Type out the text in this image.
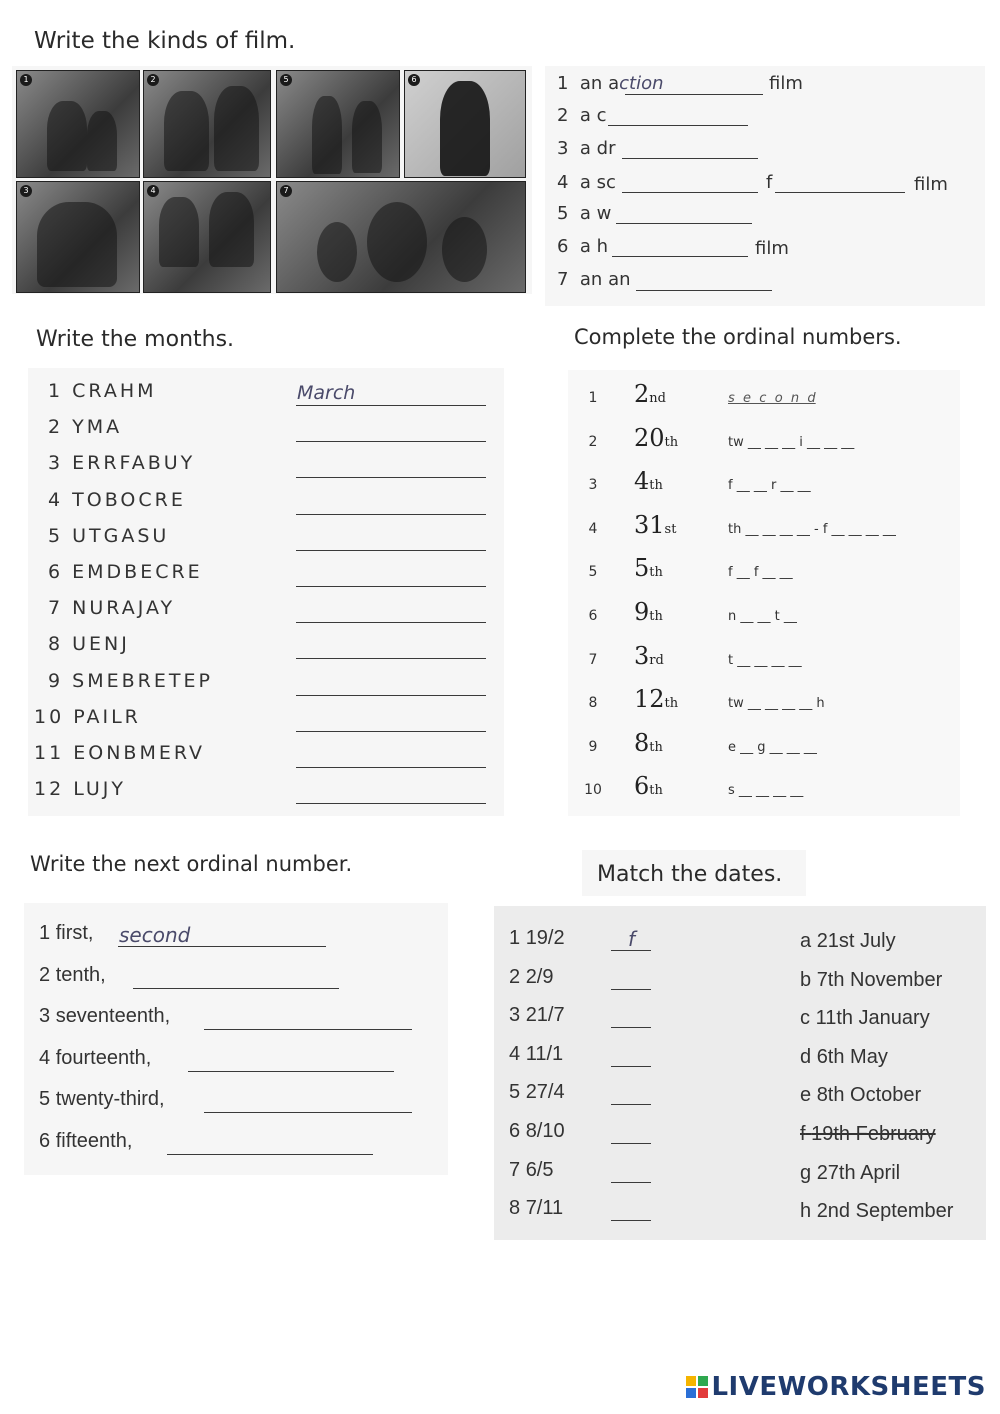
Write the kinds of film.
1	2	5	6
3	4	7
1 an action	film
2 a c
3 a dr
4 a sc	f	film
5 a w
6 a h	film
7 an an
Write the months.
1 CRAHM	March
2 YMA
3 ERRFABUY
4 TOBOCRE
5 UTGASU
6 EMDBECRE
7 NURAJAY
8 UENJ
9 SMEBRETEP
10 PAILR
11 EONBMERV
12 LUJY
Complete the ordinal numbers.
1	2nd	s  e  c  o  n  d
2	20th	tw __ __ __ i __ __ __
3	4th	f __ __ r __ __
4	31st	th __ __ __ __ - f __ __ __ __
5	5th	f __ f __ __
6	9th	n __ __ t __
7	3rd	t __ __ __ __
8	12th	tw __ __ __ __ h
9	8th	e __ g __ __ __
10 6th	s __ __ __ __
Write the next ordinal number.
1 first, second
2 tenth,
3 seventeenth,
4 fourteenth,
5 twenty-third,
6 fifteenth,
Match the dates.
1 19/2	f
2 2/9
3 21/7
4 11/1
5 27/4
6 8/10
7 6/5
8 7/11
a 21st July
b 7th November
c 11th January
d 6th May
e 8th October
f 19th February
g 27th April
h 2nd September
LIVEWORKSHEETS
